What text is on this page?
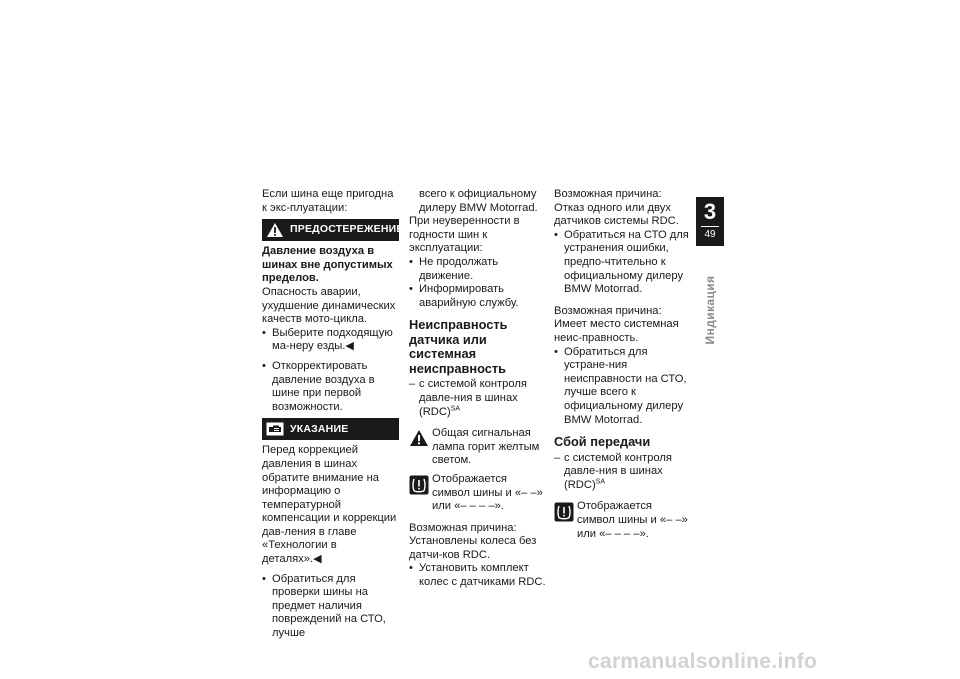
Если шина еще пригодна к экс-плуатации:

ПРЕДОСТЕРЕЖЕНИЕ

Давление воздуха в шинах вне допустимых пределов.

Опасность аварии, ухудшение динамических качеств мото-цикла.

• Выберите подходящую ма-неру езды.◀

• Откорректировать давление воздуха в шине при первой возможности.

УКАЗАНИЕ

Перед коррекцией давления в шинах обратите внимание на информацию о температурной компенсации и коррекции дав-ления в главе «Технологии в деталях».◀

• Обратиться для проверки шины на предмет наличия повреждений на СТО, лучше

всего к официальному дилеру BMW Motorrad.

При неуверенности в годности шин к эксплуатации:

• Не продолжать движение.

• Информировать аварийную службу.

Неисправность датчика или системная неисправность

– с системой контроля давле-ния в шинах (RDC)$^{SA}$

Общая сигнальная лампа горит желтым светом.

Отображается символ шины и «– –» или «– – – –».

Возможная причина:

Установлены колеса без датчи-ков RDC.

• Установить комплект колес с датчиками RDC.

Возможная причина:

Отказ одного или двух датчиков системы RDC.

• Обратиться на СТО для устранения ошибки, предпо-чтительно к официальному дилеру BMW Motorrad.

Возможная причина:

Имеет место системная неис-правность.

• Обратиться для устране-ния неисправности на СТО, лучше всего к официальному дилеру BMW Motorrad.

Сбой передачи

– с системой контроля давле-ния в шинах (RDC)$^{SA}$

Отображается символ шины и «– –» или «– – – –».

3
49
Индикация
carmanualsonline.info
